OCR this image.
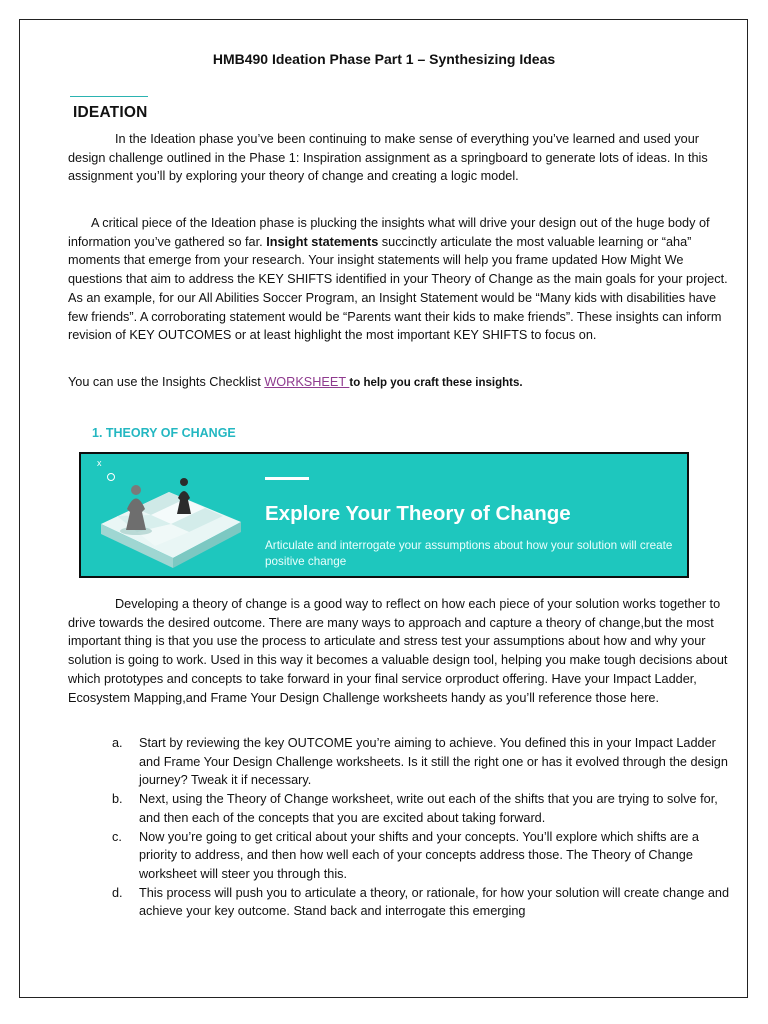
HMB490 Ideation Phase Part 1 – Synthesizing Ideas
IDEATION

In the Ideation phase you’ve been continuing to make sense of everything you’ve learned and used your design challenge outlined in the Phase 1: Inspiration assignment as a springboard to generate lots of ideas. In this assignment you’ll by exploring your theory of change and creating a logic model.

A critical piece of the Ideation phase is plucking the insights what will drive your design out of the huge body of information you’ve gathered so far. Insight statements succinctly articulate the most valuable learning or “aha” moments that emerge from your research. Your insight statements will help you frame updated How Might We questions that aim to address the KEY SHIFTS identified in your Theory of Change as the main goals for your project. As an example, for our All Abilities Soccer Program, an Insight Statement would be “Many kids with disabilities have few friends”. A corroborating statement would be “Parents want their kids to make friends”. These insights can inform revision of KEY OUTCOMES or at least highlight the most important KEY SHIFTS to focus on.

You can use the Insights Checklist WORKSHEET to help you craft these insights.

1. THEORY OF CHANGE
x
Explore Your Theory of Change
Articulate and interrogate your assumptions about how your solution will create positive change

Developing a theory of change is a good way to reflect on how each piece of your solution works together to drive towards the desired outcome. There are many ways to approach and capture a theory of change,but the most important thing is that you use the process to articulate and stress test your assumptions about how and why your solution is going to work. Used in this way it becomes a valuable design tool, helping you make tough decisions about which prototypes and concepts to take forward in your final service orproduct offering. Have your Impact Ladder, Ecosystem Mapping,and Frame Your Design Challenge worksheets handy as you’ll reference those here.

a. Start by reviewing the key OUTCOME you’re aiming to achieve. You defined this in your Impact Ladder and Frame Your Design Challenge worksheets. Is it still the right one or has it evolved through the design journey? Tweak it if necessary.
b. Next, using the Theory of Change worksheet, write out each of the shifts that you are trying to solve for, and then each of the concepts that you are excited about taking forward.
c. Now you’re going to get critical about your shifts and your concepts. You’ll explore which shifts are a priority to address, and then how well each of your concepts address those. The Theory of Change worksheet will steer you through this.
d. This process will push you to articulate a theory, or rationale, for how your solution will create change and achieve your key outcome. Stand back and interrogate this emerging
